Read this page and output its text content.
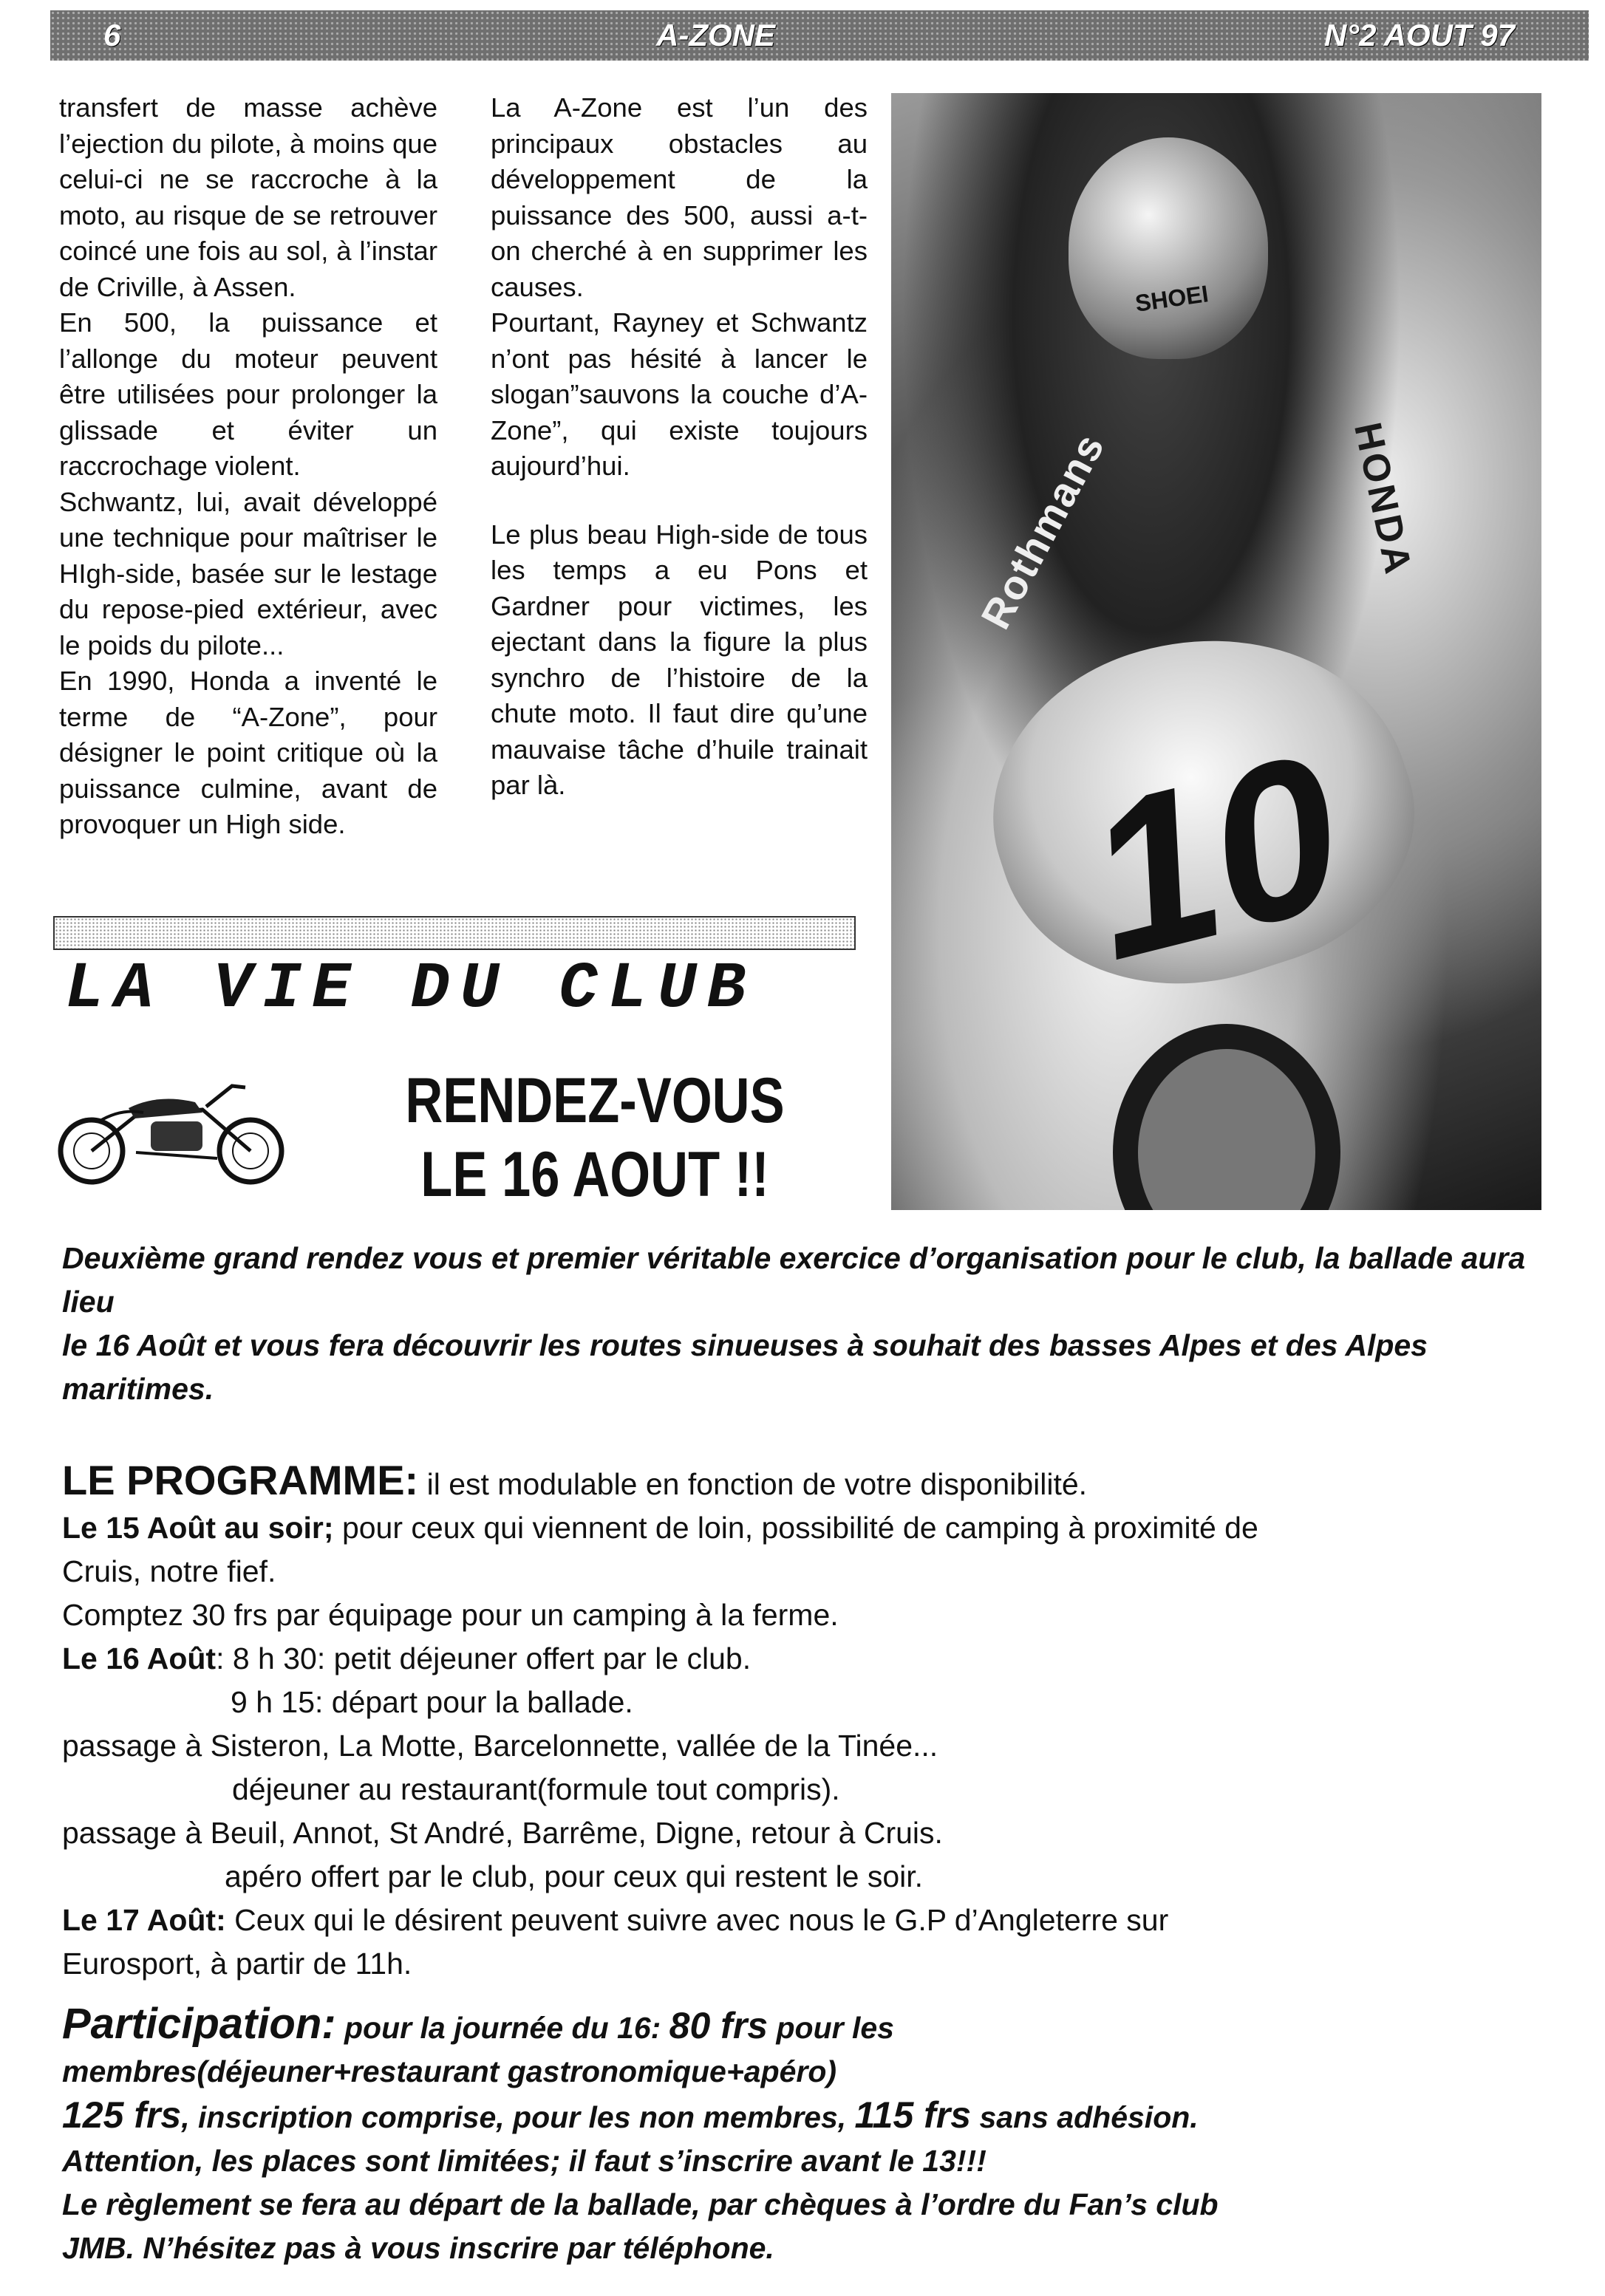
6	A-ZONE	N°2 AOUT 97

transfert de masse achève l’ejection du pilote, à moins que celui-ci ne se raccroche à la moto, au risque de se retrouver coincé une fois au sol, à l’instar de Criville, à Assen.

En 500, la puissance et l’allonge du moteur peuvent être utilisées pour prolonger la glissade et éviter un raccrochage violent.

Schwantz, lui, avait développé une technique pour maîtriser le HIgh-side, basée sur le lestage du repose-pied extérieur, avec le poids du pilote...

En 1990, Honda a inventé le terme de “A-Zone”, pour désigner le point critique où la puissance culmine, avant de provoquer un High side.

La A-Zone est l’un des principaux obstacles au développement de la puissance des 500, aussi a-t-on cherché à en supprimer les causes.

Pourtant, Rayney et Schwantz n’ont pas hésité à lancer le slogan”sauvons la couche d’A-Zone”, qui existe toujours aujourd’hui.

Le plus beau High-side de tous les temps a eu Pons et Gardner pour victimes, les ejectant dans la figure la plus synchro de l’histoire de la chute moto. Il faut dire qu’une mauvaise tâche d’huile trainait par là.

SHOEI
Rothmans	HONDA
10
LA VIE DU CLUB
RENDEZ-VOUS
LE 16 AOUT !!

Deuxième grand rendez vous et premier véritable exercice d’organisation pour le club, la ballade aura lieu

le 16 Août et vous fera découvrir les routes sinueuses à souhait des basses Alpes et des Alpes maritimes.

LE PROGRAMME: il est modulable en fonction de votre disponibilité.

Le 15 Août au soir; pour ceux qui viennent de loin, possibilité de camping à proximité de

Cruis, notre fief.

Comptez 30 frs par équipage pour un camping à la ferme.

Le 16 Août: 8 h 30: petit déjeuner offert par le club.

9 h 15: départ pour la ballade.

passage à Sisteron, La Motte, Barcelonnette, vallée de la Tinée...

déjeuner au restaurant(formule tout compris).

passage à Beuil, Annot, St André, Barrême, Digne, retour à Cruis.

apéro offert par le club, pour ceux qui restent le soir.

Le 17 Août: Ceux qui le désirent peuvent suivre avec nous le G.P d’Angleterre sur

Eurosport, à partir de 11h.

Participation: pour la journée du 16: 80 frs pour les

membres(déjeuner+restaurant gastronomique+apéro)

125 frs, inscription comprise, pour les non membres, 115 frs sans adhésion.

Attention, les places sont limitées; il faut s’inscrire avant le 13!!!

Le règlement se fera au départ de la ballade, par chèques à l’ordre du Fan’s club

JMB. N’hésitez pas à vous inscrire par téléphone.
